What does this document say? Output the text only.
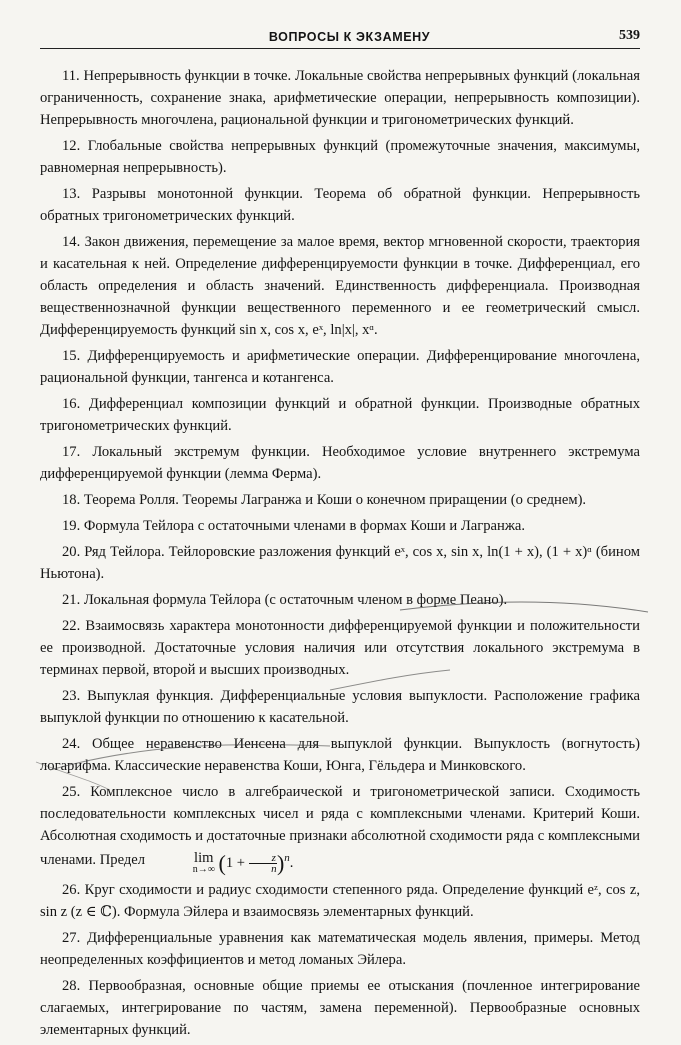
ВОПРОСЫ К ЭКЗАМЕНУ	539

11. Непрерывность функции в точке. Локальные свойства непрерывных функций (локальная ограниченность, сохранение знака, арифметические операции, непрерывность композиции). Непрерывность многочлена, рациональной функции и тригонометрических функций.

12. Глобальные свойства непрерывных функций (промежуточные значения, максимумы, равномерная непрерывность).

13. Разрывы монотонной функции. Теорема об обратной функции. Непрерывность обратных тригонометрических функций.

14. Закон движения, перемещение за малое время, вектор мгновенной скорости, траектория и касательная к ней. Определение дифференцируемости функции в точке. Дифференциал, его область определения и область значений. Единственность дифференциала. Производная вещественнозначной функции вещественного переменного и ее геометрический смысл. Дифференцируемость функций sin x, cos x, eˣ, ln|x|, xᵅ.

15. Дифференцируемость и арифметические операции. Дифференцирование многочлена, рациональной функции, тангенса и котангенса.

16. Дифференциал композиции функций и обратной функции. Производные обратных тригонометрических функций.

17. Локальный экстремум функции. Необходимое условие внутреннего экстремума дифференцируемой функции (лемма Ферма).

18. Теорема Ролля. Теоремы Лагранжа и Коши о конечном приращении (о среднем).

19. Формула Тейлора с остаточными членами в формах Коши и Лагранжа.

20. Ряд Тейлора. Тейлоровские разложения функций eˣ, cos x, sin x, ln(1 + x), (1 + x)ᵅ (бином Ньютона).

21. Локальная формула Тейлора (с остаточным членом в форме Пеано).

22. Взаимосвязь характера монотонности дифференцируемой функции и положительности ее производной. Достаточные условия наличия или отсутствия локального экстремума в терминах первой, второй и высших производных.

23. Выпуклая функция. Дифференциальные условия выпуклости. Расположение графика выпуклой функции по отношению к касательной.

24. Общее неравенство Иенсена для выпуклой функции. Выпуклость (вогнутость) логарифма. Классические неравенства Коши, Юнга, Гёльдера и Минковского.

25. Комплексное число в алгебраической и тригонометрической записи. Сходимость последовательности комплексных чисел и ряда с комплексными членами. Критерий Коши. Абсолютная сходимость и достаточные признаки абсолютной сходимости ряда с комплексными членами. Предел	lim
n→∞ $(1 + \frac{z}{n} )^n$.

26. Круг сходимости и радиус сходимости степенного ряда. Определение функций eᶻ, cos z, sin z (z ∈ ℂ). Формула Эйлера и взаимосвязь элементарных функций.

27. Дифференциальные уравнения как математическая модель явления, примеры. Метод неопределенных коэффициентов и метод ломаных Эйлера.

28. Первообразная, основные общие приемы ее отыскания (почленное интегрирование слагаемых, интегрирование по частям, замена переменной). Первообразные основных элементарных функций.
